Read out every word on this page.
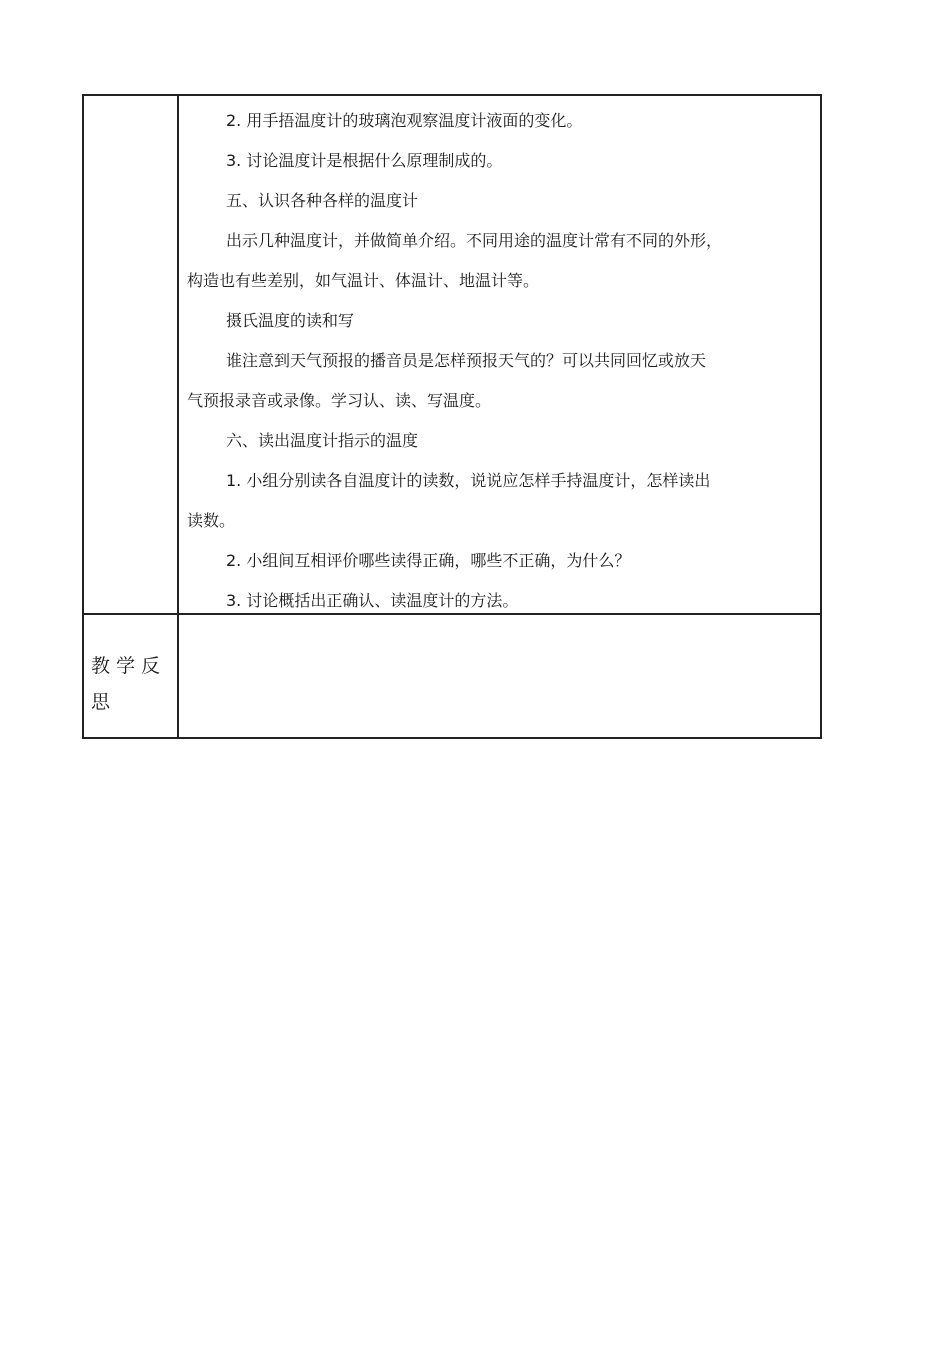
2. 用手捂温度计的玻璃泡观察温度计液面的变化。
3. 讨论温度计是根据什么原理制成的。
五、认识各种各样的温度计
出示几种温度计，并做简单介绍。不同用途的温度计常有不同的外形，
构造也有些差别，如气温计、体温计、地温计等。
摄氏温度的读和写
谁注意到天气预报的播音员是怎样预报天气的？可以共同回忆或放天
气预报录音或录像。学习认、读、写温度。
六、读出温度计指示的温度
1. 小组分别读各自温度计的读数，说说应怎样手持温度计，怎样读出
读数。
2. 小组间互相评价哪些读得正确，哪些不正确，为什么？
3. 讨论概括出正确认、读温度计的方法。
教学反思
